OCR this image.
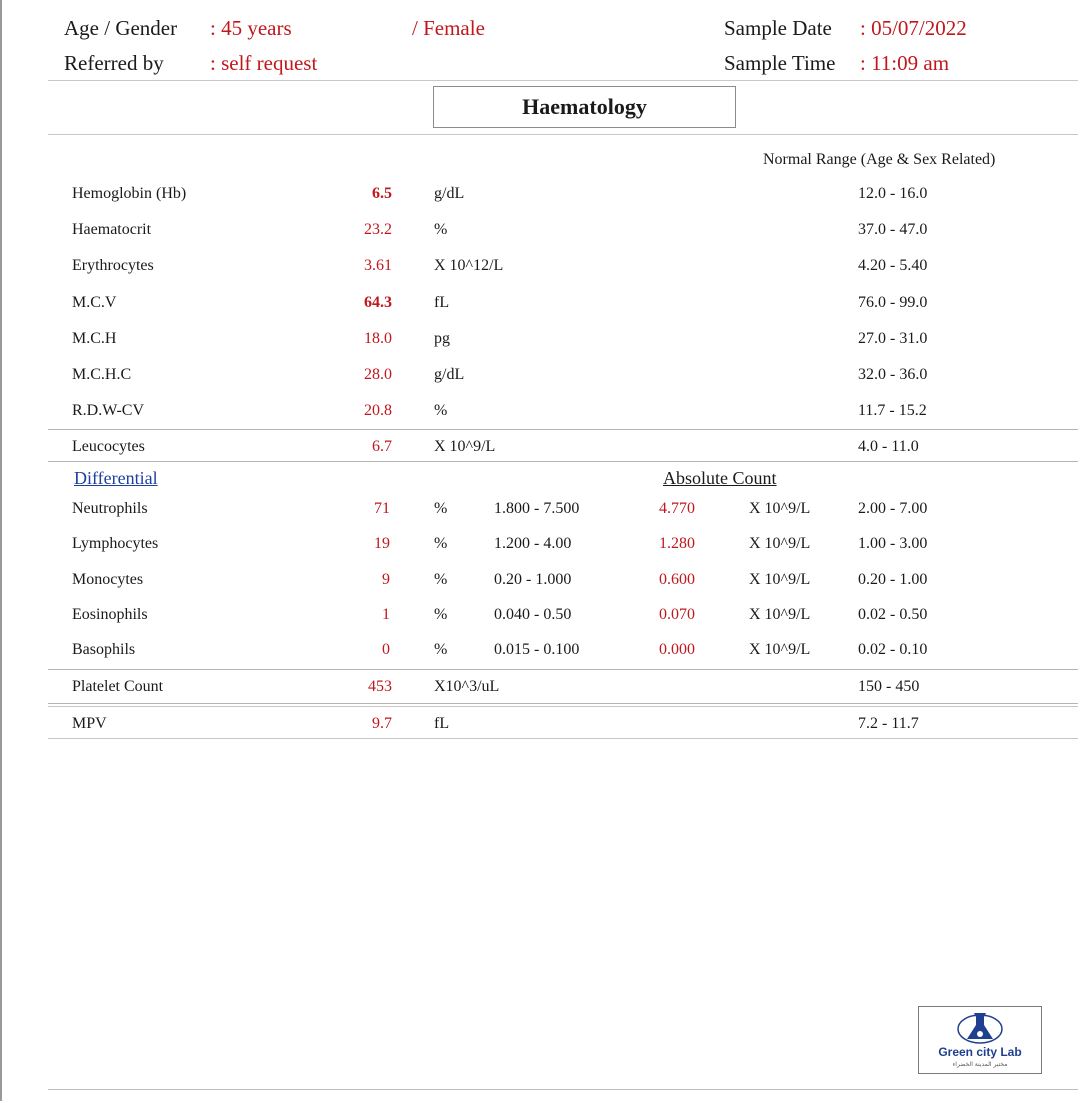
Age / Gender : 45 years	/ Female	Sample Date : 05/07/2022
Referred by : self request	Sample Time : 11:09 am
Haematology
Normal Range (Age & Sex Related)
Hemoglobin (Hb)	6.5	g/dL	12.0 - 16.0
Haematocrit	23.2	%	37.0 - 47.0
Erythrocytes	3.61	X 10^12/L	4.20 - 5.40
M.C.V	64.3	fL	76.0 - 99.0
M.C.H	18.0	pg	27.0 - 31.0
M.C.H.C	28.0	g/dL	32.0 - 36.0
R.D.W-CV	20.8	%	11.7 - 15.2
Leucocytes	6.7	X 10^9/L	4.0 - 11.0
Differential	Absolute Count
Neutrophils	71	%	1.800 - 7.500	4.770	X 10^9/L	2.00 - 7.00
Lymphocytes	19	%	1.200 - 4.00	1.280	X 10^9/L	1.00 - 3.00
Monocytes	9	%	0.20 - 1.000	0.600	X 10^9/L	0.20 - 1.00
Eosinophils	1	%	0.040 - 0.50	0.070	X 10^9/L	0.02 - 0.50
Basophils	0	%	0.015 - 0.100	0.000	X 10^9/L	0.02 - 0.10
Platelet Count	453	X10^3/uL	150 - 450
MPV	9.7	fL	7.2 - 11.7
Green city Lab
مختبر المدينة الخضراء
